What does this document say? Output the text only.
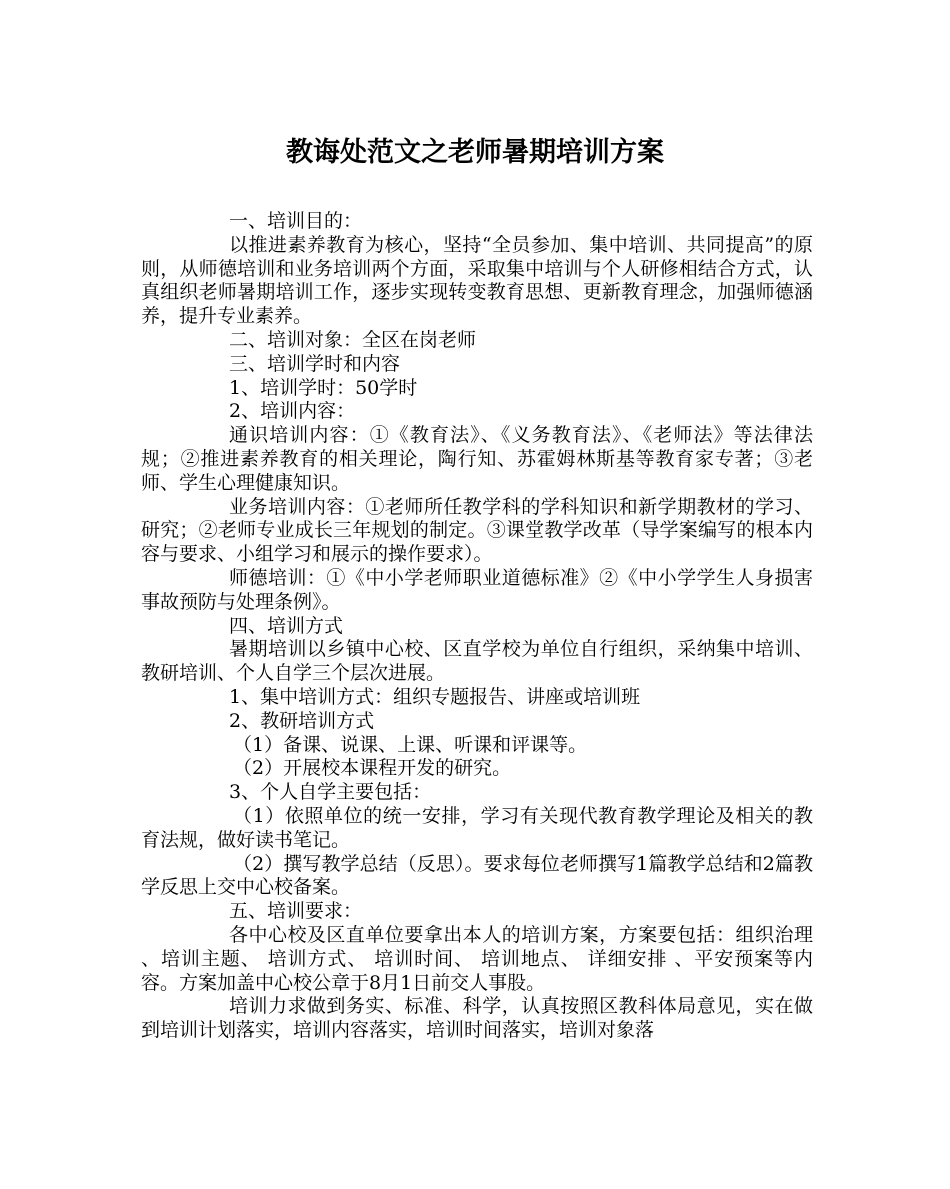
教诲处范文之老师暑期培训方案

一、培训目的：

以推进素养教育为核心，坚持“全员参加、集中培训、共同提高”的原则，从师德培训和业务培训两个方面，采取集中培训与个人研修相结合方式，认真组织老师暑期培训工作，逐步实现转变教育思想、更新教育理念，加强师德涵养，提升专业素养。

二、培训对象：全区在岗老师

三、培训学时和内容

1、培训学时：50学时

2、培训内容：

通识培训内容：①《教育法》、《义务教育法》、《老师法》等法律法规；②推进素养教育的相关理论，陶行知、苏霍姆林斯基等教育家专著；③老师、学生心理健康知识。

业务培训内容：①老师所任教学科的学科知识和新学期教材的学习、研究；②老师专业成长三年规划的制定。③课堂教学改革（导学案编写的根本内容与要求、小组学习和展示的操作要求）。

师德培训：①《中小学老师职业道德标准》②《中小学学生人身损害事故预防与处理条例》。

四、培训方式

暑期培训以乡镇中心校、区直学校为单位自行组织，采纳集中培训、教研培训、个人自学三个层次进展。

1、集中培训方式：组织专题报告、讲座或培训班

2、教研培训方式

（1）备课、说课、上课、听课和评课等。

（2）开展校本课程开发的研究。

3、个人自学主要包括：

（1）依照单位的统一安排，学习有关现代教育教学理论及相关的教育法规，做好读书笔记。

（2）撰写教学总结（反思）。要求每位老师撰写1篇教学总结和2篇教学反思上交中心校备案。

五、培训要求：

各中心校及区直单位要拿出本人的培训方案，方案要包括：组织治理 、培训主题、 培训方式、 培训时间、 培训地点、 详细安排 、平安预案等内容。方案加盖中心校公章于8月1日前交人事股。

培训力求做到务实、标准、科学，认真按照区教科体局意见，实在做到培训计划落实，培训内容落实，培训时间落实，培训对象落
